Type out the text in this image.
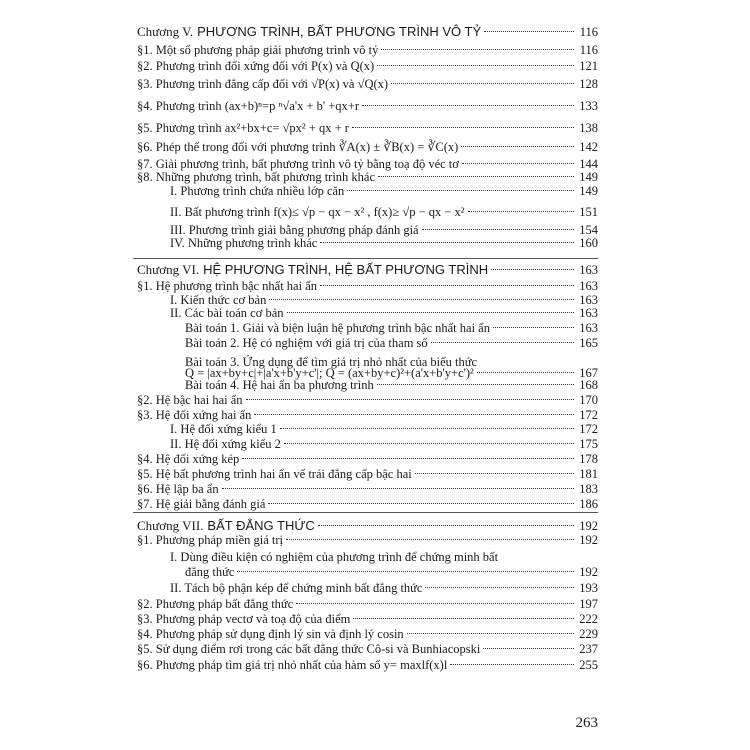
Chương V. PHƯƠNG TRÌNH, BẤT PHƯƠNG TRÌNH VÔ TỶ	116
§1. Một số phương pháp giải phương trình vô tỷ	116
§2. Phương trình đối xứng đối với P(x) và Q(x)	121
§3. Phương trình đẳng cấp đối với √P(x) và √Q(x)	128
§4. Phương trình (ax+b)ⁿ=p ⁿ√a'x + b' +qx+r	133
§5. Phương trình ax²+bx+c= √px² + qx + r	138
§6. Phép thế trong đối với phương trình ∛A(x) ± ∛B(x) = ∛C(x)	142
§7. Giải phương trình, bất phương trình vô tỷ bằng toạ độ véc tơ	144
§8. Những phương trình, bất phương trình khác	149
I. Phương trình chứa nhiều lớp căn	149
II. Bất phương trình f(x)≤ √p − qx − x² , f(x)≥ √p − qx − x²	151
III. Phương trình giải bằng phương pháp đánh giá	154
IV. Những phương trình khác	160
Chương VI. HỆ PHƯƠNG TRÌNH, HỆ BẤT PHƯƠNG TRÌNH	163
§1. Hệ phương trình bậc nhất hai ẩn	163
I. Kiến thức cơ bản	163
II. Các bài toán cơ bản	163
Bài toán 1. Giải và biện luận hệ phương trình bậc nhất hai ẩn	163
Bài toán 2. Hệ có nghiệm với giá trị của tham số	165
Bài toán 3. Ứng dụng để tìm giá trị nhỏ nhất của biểu thức
Q = |ax+by+c|+|a'x+b'y+c'|; Q = (ax+by+c)²+(a'x+b'y+c')²	167
Bài toán 4. Hệ hai ẩn ba phương trình	168
§2. Hệ bậc hai hai ẩn	170
§3. Hệ đối xứng hai ẩn	172
I. Hệ đối xứng kiểu 1	172
II. Hệ đối xứng kiểu 2	175
§4. Hệ đối xứng kép	178
§5. Hệ bất phương trình hai ẩn vế trái đẳng cấp bậc hai	181
§6. Hệ lập ba ẩn	183
§7. Hệ giải bằng đánh giá	186
Chương VII. BẤT ĐẲNG THỨC	192
§1. Phương pháp miền giá trị	192
I. Dùng điều kiện có nghiệm của phương trình để chứng minh bất
đẳng thức	192
II. Tách bộ phận kép để chứng minh bất đẳng thức	193
§2. Phương pháp bất đẳng thức	197
§3. Phương pháp vectơ và toạ độ của điểm	222
§4. Phương pháp sử dụng định lý sin và định lý cosin	229
§5. Sử dụng điểm rơi trong các bất đẳng thức Cô-si và Bunhiacopski	237
§6. Phương pháp tìm giá trị nhỏ nhất của hàm số y= maxlf(x)l	255
263
